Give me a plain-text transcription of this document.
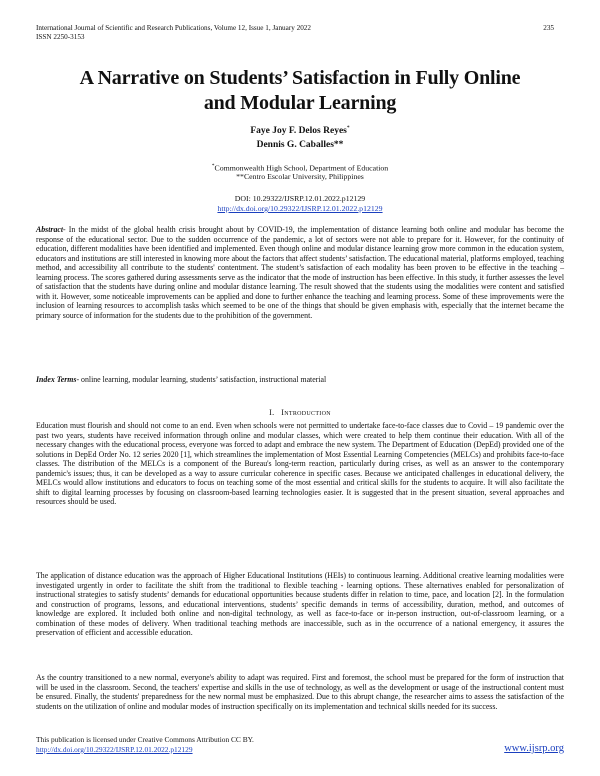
International Journal of Scientific and Research Publications, Volume 12, Issue 1, January 2022
ISSN 2250-3153
235
A Narrative on Students’ Satisfaction in Fully Online
and Modular Learning
Faye Joy F. Delos Reyes*
Dennis G. Caballes**
*Commonwealth High School, Department of Education
**Centro Escolar University, Philippines
DOI: 10.29322/IJSRP.12.01.2022.p12129
http://dx.doi.org/10.29322/IJSRP.12.01.2022.p12129
Abstract- In the midst of the global health crisis brought about by COVID-19, the implementation of distance learning both online and modular has become the response of the educational sector. Due to the sudden occurrence of the pandemic, a lot of sectors were not able to prepare for it. However, for the continuity of education, different modalities have been identified and implemented. Even though online and modular distance learning grow more common in the education system, educators and institutions are still interested in knowing more about the factors that affect students’ satisfaction. The educational material, platforms employed, teaching method, and accessibility all contribute to the students' contentment. The student’s satisfaction of each modality has been proven to be effective in the teaching – learning process. The scores gathered during assessments serve as the indicator that the mode of instruction has been effective. In this study, it further assesses the level of satisfaction that the students have during online and modular distance learning. The result showed that the students using the modalities were content and satisfied with it. However, some noticeable improvements can be applied and done to further enhance the teaching and learning process. Some of these improvements were the inclusion of learning resources to accomplish tasks which seemed to be one of the things that should be given emphasis with, especially that the internet became the primary source of information for the students due to the prohibition of the government.
Index Terms- online learning, modular learning, students’ satisfaction, instructional material
I. Introduction
Education must flourish and should not come to an end. Even when schools were not permitted to undertake face-to-face classes due to Covid – 19 pandemic over the past two years, students have received information through online and modular classes, which were created to help them continue their education. With all of the necessary changes with the educational process, everyone was forced to adapt and embrace the new system. The Department of Education (DepEd) provided one of the solutions in DepEd Order No. 12 series 2020 [1], which streamlines the implementation of Most Essential Learning Competencies (MELCs) and prohibits face-to-face classes. The distribution of the MELCs is a component of the Bureau's long-term reaction, particularly during crises, as well as an answer to the contemporary pandemic's issues; thus, it can be developed as a way to assure curricular coherence in specific cases. Because we anticipated challenges in educational delivery, the MELCs would allow institutions and educators to focus on teaching some of the most essential and critical skills for the students to acquire. It will also facilitate the shift to digital learning processes by focusing on classroom-based learning technologies easier. It is suggested that in the present situation, several approaches and resources should be used.
The application of distance education was the approach of Higher Educational Institutions (HEIs) to continuous learning. Additional creative learning modalities were investigated urgently in order to facilitate the shift from the traditional to flexible teaching - learning options. These alternatives enabled for personalization of instructional strategies to satisfy students’ demands for educational opportunities because students differ in relation to time, pace, and location [2]. In the formulation and construction of programs, lessons, and educational interventions, students’ specific demands in terms of accessibility, duration, method, and outcomes of knowledge are explored. It included both online and non-digital technology, as well as face-to-face or in-person instruction, out-of-classroom learning, or a combination of these modes of delivery. When traditional teaching methods are inaccessible, such as in the occurrence of a national emergency, it assures the preservation of efficient and accessible education.
As the country transitioned to a new normal, everyone's ability to adapt was required. First and foremost, the school must be prepared for the form of instruction that will be used in the classroom. Second, the teachers' expertise and skills in the use of technology, as well as the development or usage of the instructional content must be ensured. Finally, the students' preparedness for the new normal must be emphasized. Due to this abrupt change, the researcher aims to assess the satisfaction of the students on the utilization of online and modular modes of instruction specifically on its implementation and technical skills needed for its success.
This publication is licensed under Creative Commons Attribution CC BY.
http://dx.doi.org/10.29322/IJSRP.12.01.2022.p12129	www.ijsrp.org
